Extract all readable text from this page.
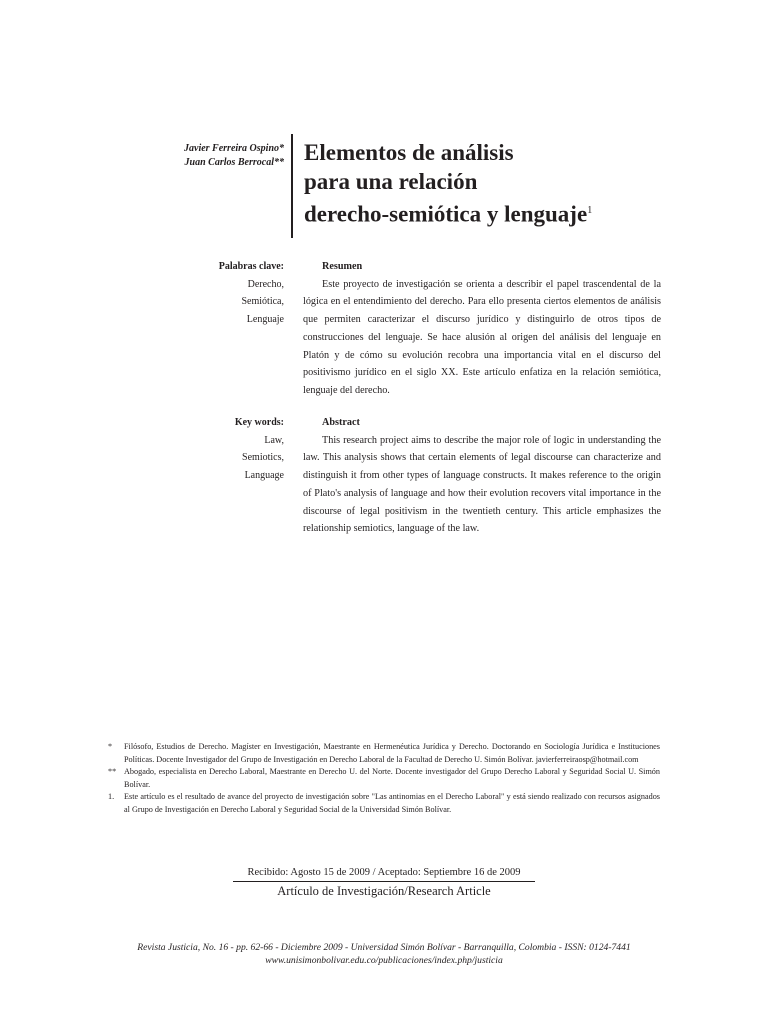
Javier Ferreira Ospino*
Juan Carlos Berrocal** Elementos de análisis
para una relación
derecho-semiótica y lenguaje$^1$
Palabras clave:
Derecho,
Semiótica,
Lenguaje
Resumen

Este proyecto de investigación se orienta a describir el papel trascendental de la lógica en el entendimiento del derecho. Para ello presenta ciertos elementos de análisis que permiten caracterizar el discurso jurídico y distinguirlo de otros tipos de construcciones del lenguaje. Se hace alusión al origen del análisis del lenguaje en Platón y de cómo su evolución recobra una importancia vital en el discurso del positivismo jurídico en el siglo XX. Este artículo enfatiza en la relación semiótica, lenguaje del derecho.

Key words:
Law,
Semiotics,
Language
Abstract

This research project aims to describe the major role of logic in understanding the law. This analysis shows that certain elements of legal discourse can characterize and distinguish it from other types of language constructs. It makes reference to the origin of Plato's analysis of language and how their evolution recovers vital importance in the discourse of legal positivism in the twentieth century. This article emphasizes the relationship semiotics, language of the law.

* Filósofo, Estudios de Derecho. Magíster en Investigación, Maestrante en Hermenéutica Jurídica y Derecho. Doctorando en Sociología Jurídica e Instituciones Políticas. Docente Investigador del Grupo de Investigación en Derecho Laboral de la Facultad de Derecho U. Simón Bolívar. javierferreiraosp@hotmail.com

** Abogado, especialista en Derecho Laboral, Maestrante en Derecho U. del Norte. Docente investigador del Grupo Derecho Laboral y Seguridad Social U. Simón Bolívar.

1. Este artículo es el resultado de avance del proyecto de investigación sobre "Las antinomias en el Derecho Laboral" y está siendo realizado con recursos asignados al Grupo de Investigación en Derecho Laboral y Seguridad Social de la Universidad Simón Bolívar.

Recibido: Agosto 15 de 2009 / Aceptado: Septiembre 16 de 2009
Artículo de Investigación/Research Article
Revista Justicia, No. 16 - pp. 62-66 - Diciembre 2009 - Universidad Simón Bolívar - Barranquilla, Colombia - ISSN: 0124-7441
www.unisimonbolivar.edu.co/publicaciones/index.php/justicia
